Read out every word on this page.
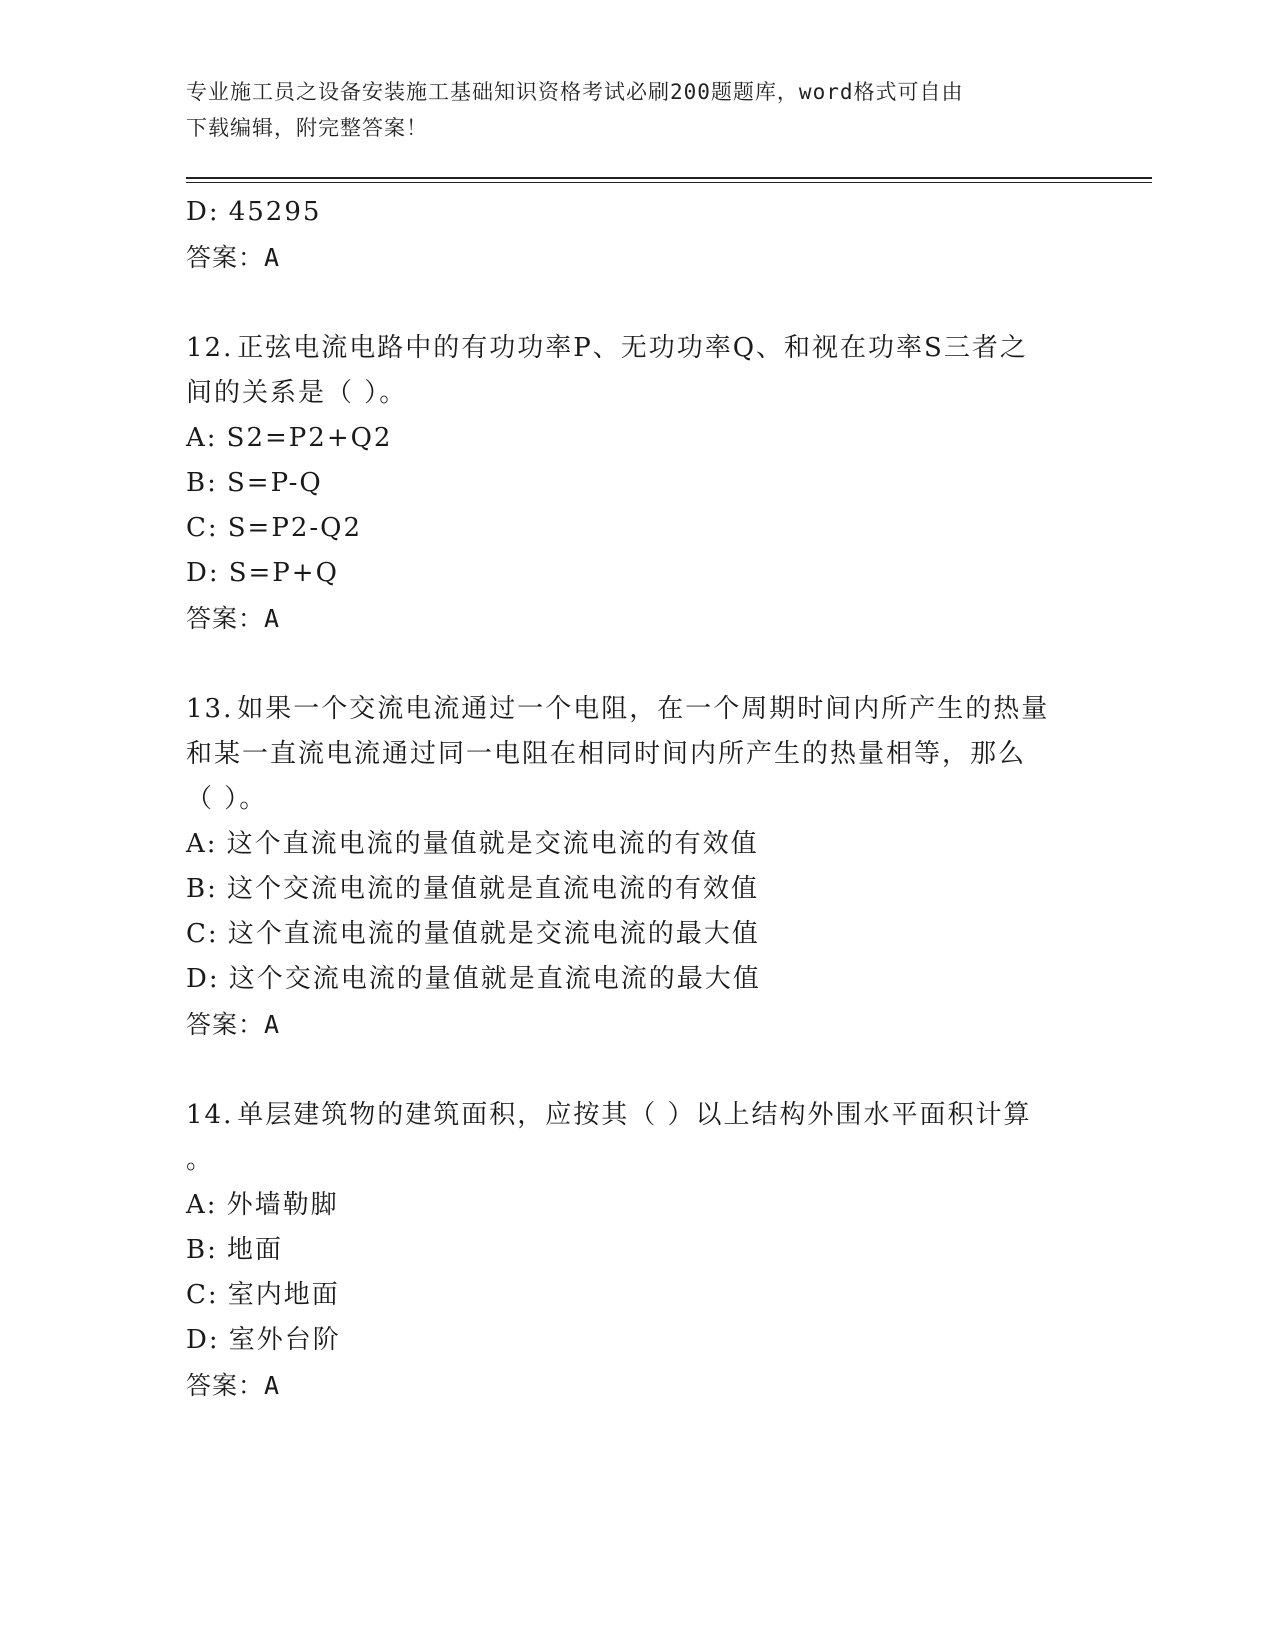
专业施工员之设备安装施工基础知识资格考试必刷200题题库，word格式可自由
下载编辑，附完整答案！
D: 45295
答案：A
12. 正弦电流电路中的有功功率P、无功功率Q、和视在功率S三者之
间的关系是（ ）。
A: S2=P2+Q2
B: S=P-Q
C: S=P2-Q2
D: S=P+Q
答案：A
13. 如果一个交流电流通过一个电阻，在一个周期时间内所产生的热量
和某一直流电流通过同一电阻在相同时间内所产生的热量相等，那么
（ ）。
A: 这个直流电流的量值就是交流电流的有效值
B: 这个交流电流的量值就是直流电流的有效值
C: 这个直流电流的量值就是交流电流的最大值
D: 这个交流电流的量值就是直流电流的最大值
答案：A
14. 单层建筑物的建筑面积，应按其（ ）以上结构外围水平面积计算
。
A: 外墙勒脚
B: 地面
C: 室内地面
D: 室外台阶
答案：A
